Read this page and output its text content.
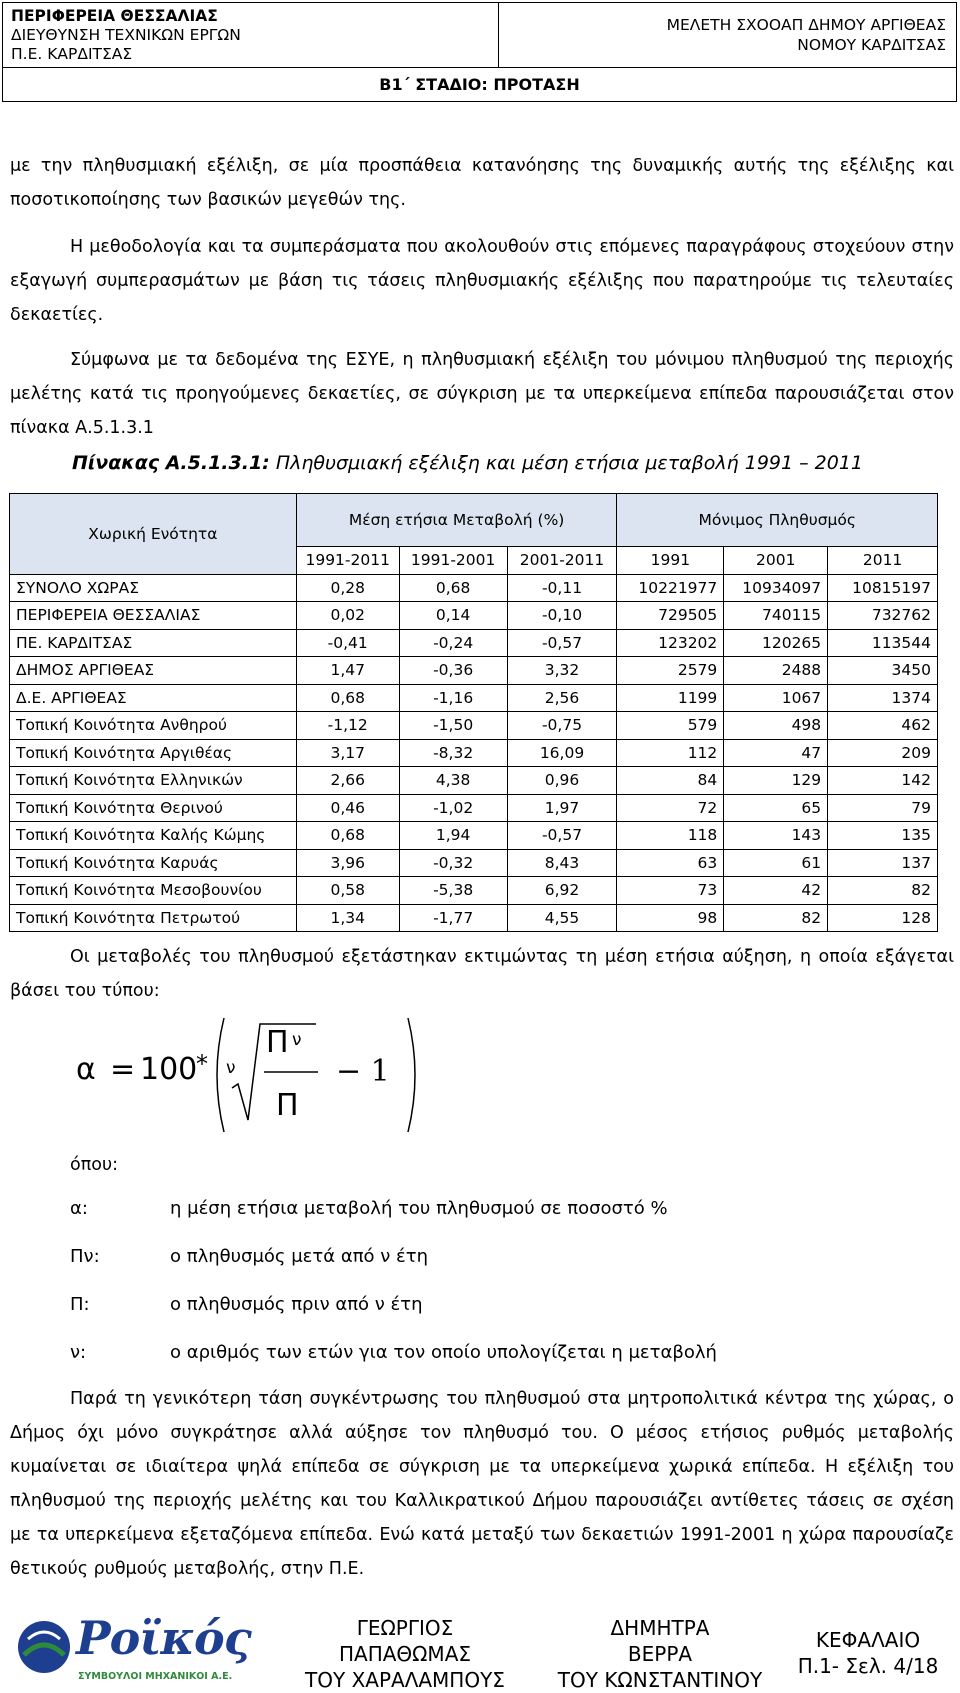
ΠΕΡΙΦΕΡΕΙΑ ΘΕΣΣΑΛΙΑΣ
ΔΙΕΥΘΥΝΣΗ ΤΕΧΝΙΚΩΝ ΕΡΓΩΝ
Π.Ε. ΚΑΡΔΙΤΣΑΣ
ΜΕΛΕΤΗ ΣΧΟΟΑΠ ΔΗΜΟΥ ΑΡΓΙΘΕΑΣ
ΝΟΜΟΥ ΚΑΡΔΙΤΣΑΣ
Β1΄ ΣΤΑΔΙΟ: ΠΡΟΤΑΣΗ
με την πληθυσμιακή εξέλιξη, σε μία προσπάθεια κατανόησης της δυναμικής αυτής της εξέλιξης και ποσοτικοποίησης των βασικών μεγεθών της.
Η μεθοδολογία και τα συμπεράσματα που ακολουθούν στις επόμενες παραγράφους στοχεύουν στην εξαγωγή συμπερασμάτων με βάση τις τάσεις πληθυσμιακής εξέλιξης που παρατηρούμε τις τελευταίες δεκαετίες.
Σύμφωνα με τα δεδομένα της ΕΣΥΕ, η πληθυσμιακή εξέλιξη του μόνιμου πληθυσμού της περιοχής μελέτης κατά τις προηγούμενες δεκαετίες, σε σύγκριση με τα υπερκείμενα επίπεδα παρουσιάζεται στον πίνακα Α.5.1.3.1
Πίνακας Α.5.1.3.1: Πληθυσμιακή εξέλιξη και μέση ετήσια μεταβολή 1991 – 2011
Χωρική Ενότητα	Μέση ετήσια Μεταβολή (%)			Μόνιμος Πληθυσμός		
	1991-2011	1991-2001	2001-2011	1991	2001	2011
ΣΥΝΟΛΟ ΧΩΡΑΣ	0,28	0,68	-0,11	10221977	10934097	10815197
ΠΕΡΙΦΕΡΕΙΑ ΘΕΣΣΑΛΙΑΣ	0,02	0,14	-0,10	729505	740115	732762
ΠΕ. ΚΑΡΔΙΤΣΑΣ	-0,41	-0,24	-0,57	123202	120265	113544
ΔΗΜΟΣ ΑΡΓΙΘΕΑΣ	1,47	-0,36	3,32	2579	2488	3450
Δ.Ε. ΑΡΓΙΘΕΑΣ	0,68	-1,16	2,56	1199	1067	1374
Τοπική Κοινότητα Ανθηρού	-1,12	-1,50	-0,75	579	498	462
Τοπική Κοινότητα Αργιθέας	3,17	-8,32	16,09	112	47	209
Τοπική Κοινότητα Ελληνικών	2,66	4,38	0,96	84	129	142
Τοπική Κοινότητα Θερινού	0,46	-1,02	1,97	72	65	79
Τοπική Κοινότητα Καλής Κώμης	0,68	1,94	-0,57	118	143	135
Τοπική Κοινότητα Καρυάς	3,96	-0,32	8,43	63	61	137
Τοπική Κοινότητα Μεσοβουνίου	0,58	-5,38	6,92	73	42	82
Τοπική Κοινότητα Πετρωτού	1,34	-1,77	4,55	98	82	128
Οι μεταβολές του πληθυσμού εξετάστηκαν εκτιμώντας τη μέση ετήσια αύξηση, η οποία εξάγεται βάσει του τύπου:
α = 100
* ν
Π ν
Π
− 1
όπου:
α:	η μέση ετήσια μεταβολή του πληθυσμού σε ποσοστό %
Πν:	ο πληθυσμός μετά από ν έτη
Π:	ο πληθυσμός πριν από ν έτη
ν:	ο αριθμός των ετών για τον οποίο υπολογίζεται η μεταβολή
Παρά τη γενικότερη τάση συγκέντρωσης του πληθυσμού στα μητροπολιτικά κέντρα της χώρας, ο Δήμος όχι μόνο συγκράτησε αλλά αύξησε τον πληθυσμό του. Ο μέσος ετήσιος ρυθμός μεταβολής κυμαίνεται σε ιδιαίτερα ψηλά επίπεδα σε σύγκριση με τα υπερκείμενα χωρικά επίπεδα. Η εξέλιξη του πληθυσμού της περιοχής μελέτης και του Καλλικρατικού Δήμου παρουσιάζει αντίθετες τάσεις σε σχέση με τα υπερκείμενα εξεταζόμενα επίπεδα. Ενώ κατά μεταξύ των δεκαετιών 1991-2001 η χώρα παρουσίαζε θετικούς ρυθμούς μεταβολής, στην Π.Ε.
Ροϊκός
ΣΥΜΒΟΥΛΟΙ ΜΗΧΑΝΙΚΟΙ Α.Ε.
ΓΕΩΡΓΙΟΣ
ΠΑΠΑΘΩΜΑΣ
ΤΟΥ ΧΑΡΑΛΑΜΠΟΥΣ
ΔΗΜΗΤΡΑ
ΒΕΡΡΑ
ΤΟΥ ΚΩΝΣΤΑΝΤΙΝΟΥ
ΚΕΦΑΛΑΙΟ
Π.1- Σελ. 4/18
